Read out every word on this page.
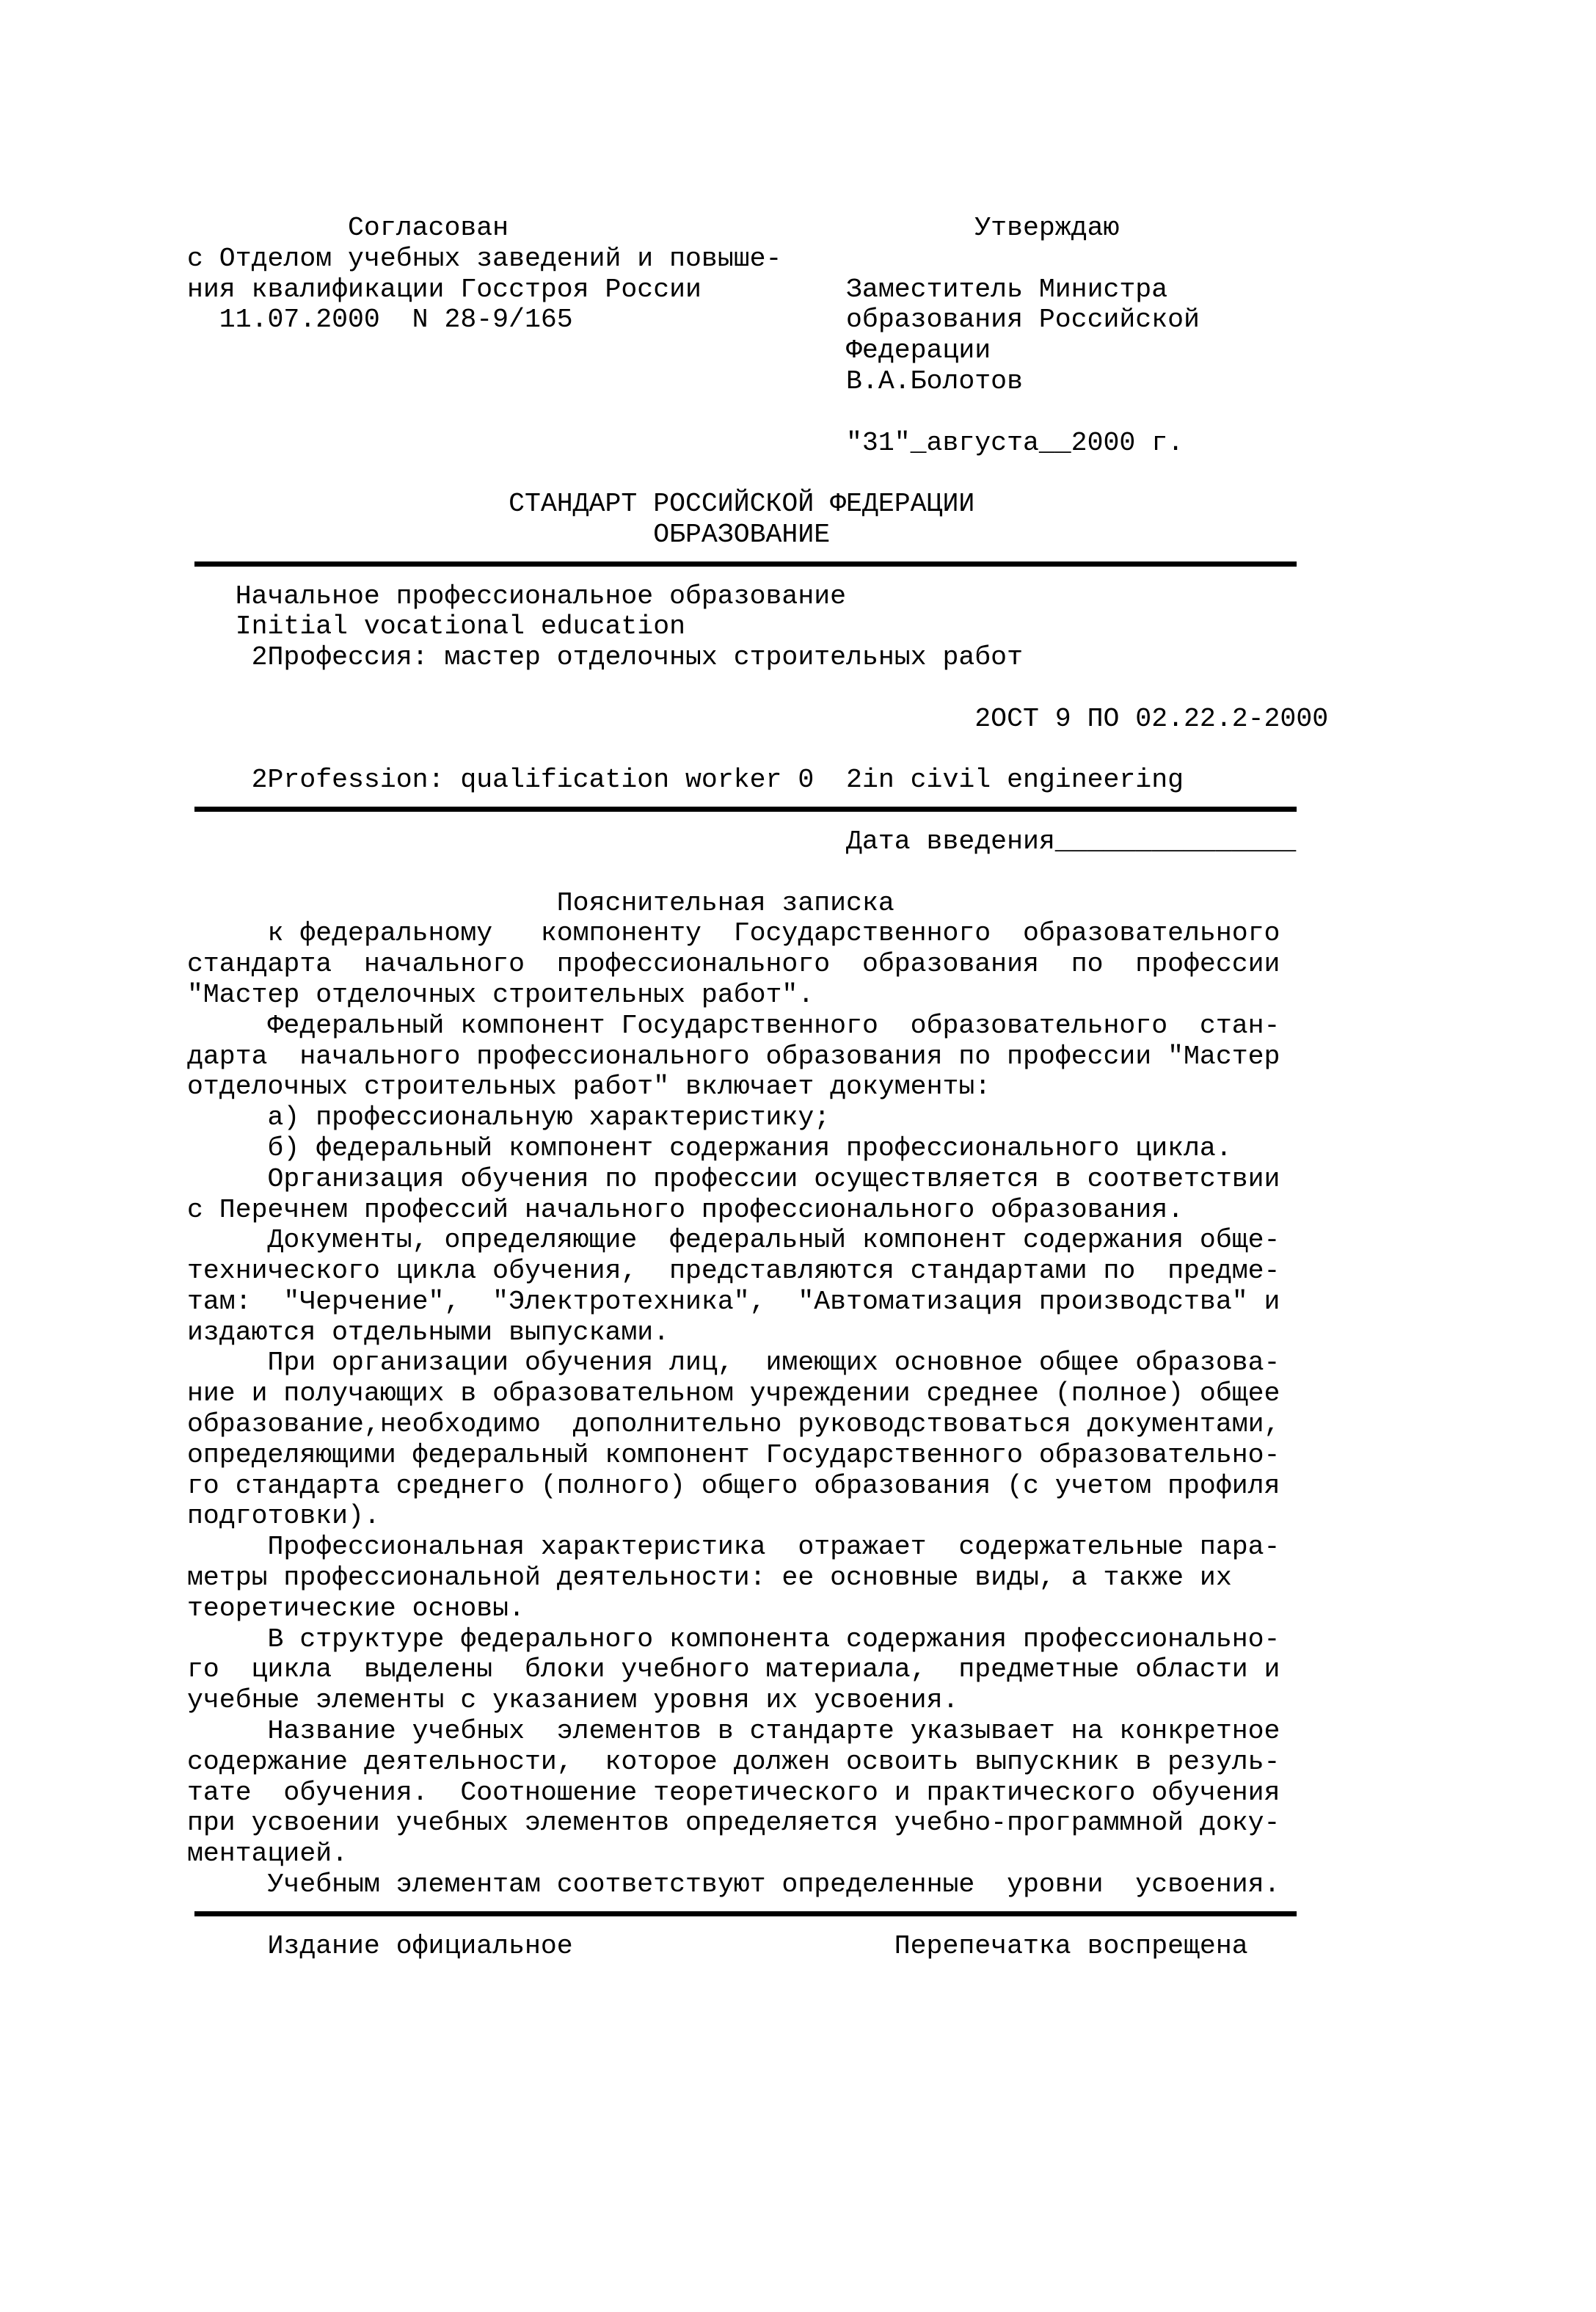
Согласован	Утверждаю
с Отделом учебных заведений и повыше-
ния квалификации Госстроя России	Заместитель Министра
11.07.2000  N 28-9/165	образования Российской
Федерации
В.А.Болотов
"31"_августа__2000 г.
СТАНДАРТ РОССИЙСКОЙ ФЕДЕРАЦИИ
ОБРАЗОВАНИЕ
Начальное профессиональное образование
Initial vocational education
2Профессия: мастер отделочных строительных работ
2ОСТ 9 ПО 02.22.2-2000
2Profession: qualification worker 0  2in civil engineering
Дата введения_______________
Пояснительная записка
к федеральному   компоненту  Государственного  образовательного
стандарта  начального  профессионального  образования  по  профессии
"Мастер отделочных строительных работ".
Федеральный компонент Государственного  образовательного  стан-
дарта  начального профессионального образования по профессии "Мастер
отделочных строительных работ" включает документы:
а) профессиональную характеристику;
б) федеральный компонент содержания профессионального цикла.
Организация обучения по профессии осуществляется в соответствии
с Перечнем профессий начального профессионального образования.
Документы, определяющие  федеральный компонент содержания обще-
технического цикла обучения,  представляются стандартами по  предме-
там:  "Черчение",  "Электротехника",  "Автоматизация производства" и
издаются отдельными выпусками.
При организации обучения лиц,  имеющих основное общее образова-
ние и получающих в образовательном учреждении среднее (полное) общее
образование,необходимо  дополнительно руководствоваться документами,
определяющими федеральный компонент Государственного образовательно-
го стандарта среднего (полного) общего образования (с учетом профиля
подготовки).
Профессиональная характеристика  отражает  содержательные пара-
метры профессиональной деятельности: ее основные виды, а также их
теоретические основы.
В структуре федерального компонента содержания профессионально-
го  цикла  выделены  блоки учебного материала,  предметные области и
учебные элементы с указанием уровня их усвоения.
Название учебных  элементов в стандарте указывает на конкретное
содержание деятельности,  которое должен освоить выпускник в резуль-
тате  обучения.  Соотношение теоретического и практического обучения
при усвоении учебных элементов определяется учебно-программной доку-
ментацией.
Учебным элементам соответствуют определенные  уровни  усвоения.
Издание официальное	Перепечатка воспрещена
